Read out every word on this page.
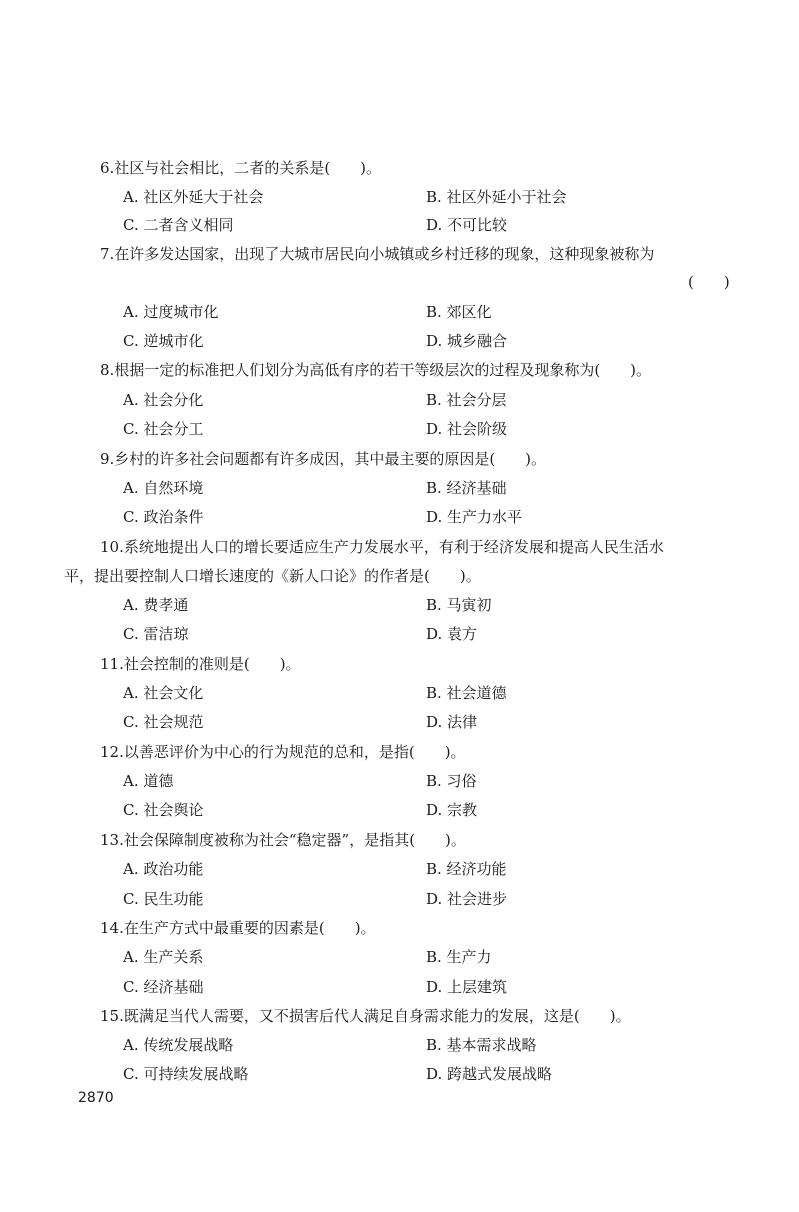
6.社区与社会相比，二者的关系是(　　)。
A. 社区外延大于社会	B. 社区外延小于社会
C. 二者含义相同	D. 不可比较
7.在许多发达国家，出现了大城市居民向小城镇或乡村迁移的现象，这种现象被称为
(　　)
A. 过度城市化	B. 郊区化
C. 逆城市化	D. 城乡融合
8.根据一定的标准把人们划分为高低有序的若干等级层次的过程及现象称为(　　)。
A. 社会分化	B. 社会分层
C. 社会分工	D. 社会阶级
9.乡村的许多社会问题都有许多成因，其中最主要的原因是(　　)。
A. 自然环境	B. 经济基础
C. 政治条件	D. 生产力水平
10.系统地提出人口的增长要适应生产力发展水平，有利于经济发展和提高人民生活水
平，提出要控制人口增长速度的《新人口论》的作者是(　　)。
A. 费孝通	B. 马寅初
C. 雷洁琼	D. 袁方
11.社会控制的准则是(　　)。
A. 社会文化	B. 社会道德
C. 社会规范	D. 法律
12.以善恶评价为中心的行为规范的总和，是指(　　)。
A. 道德	B. 习俗
C. 社会舆论	D. 宗教
13.社会保障制度被称为社会“稳定器”，是指其(　　)。
A. 政治功能	B. 经济功能
C. 民生功能	D. 社会进步
14.在生产方式中最重要的因素是(　　)。
A. 生产关系	B. 生产力
C. 经济基础	D. 上层建筑
15.既满足当代人需要，又不损害后代人满足自身需求能力的发展，这是(　　)。
A. 传统发展战略	B. 基本需求战略
C. 可持续发展战略	D. 跨越式发展战略
2870
